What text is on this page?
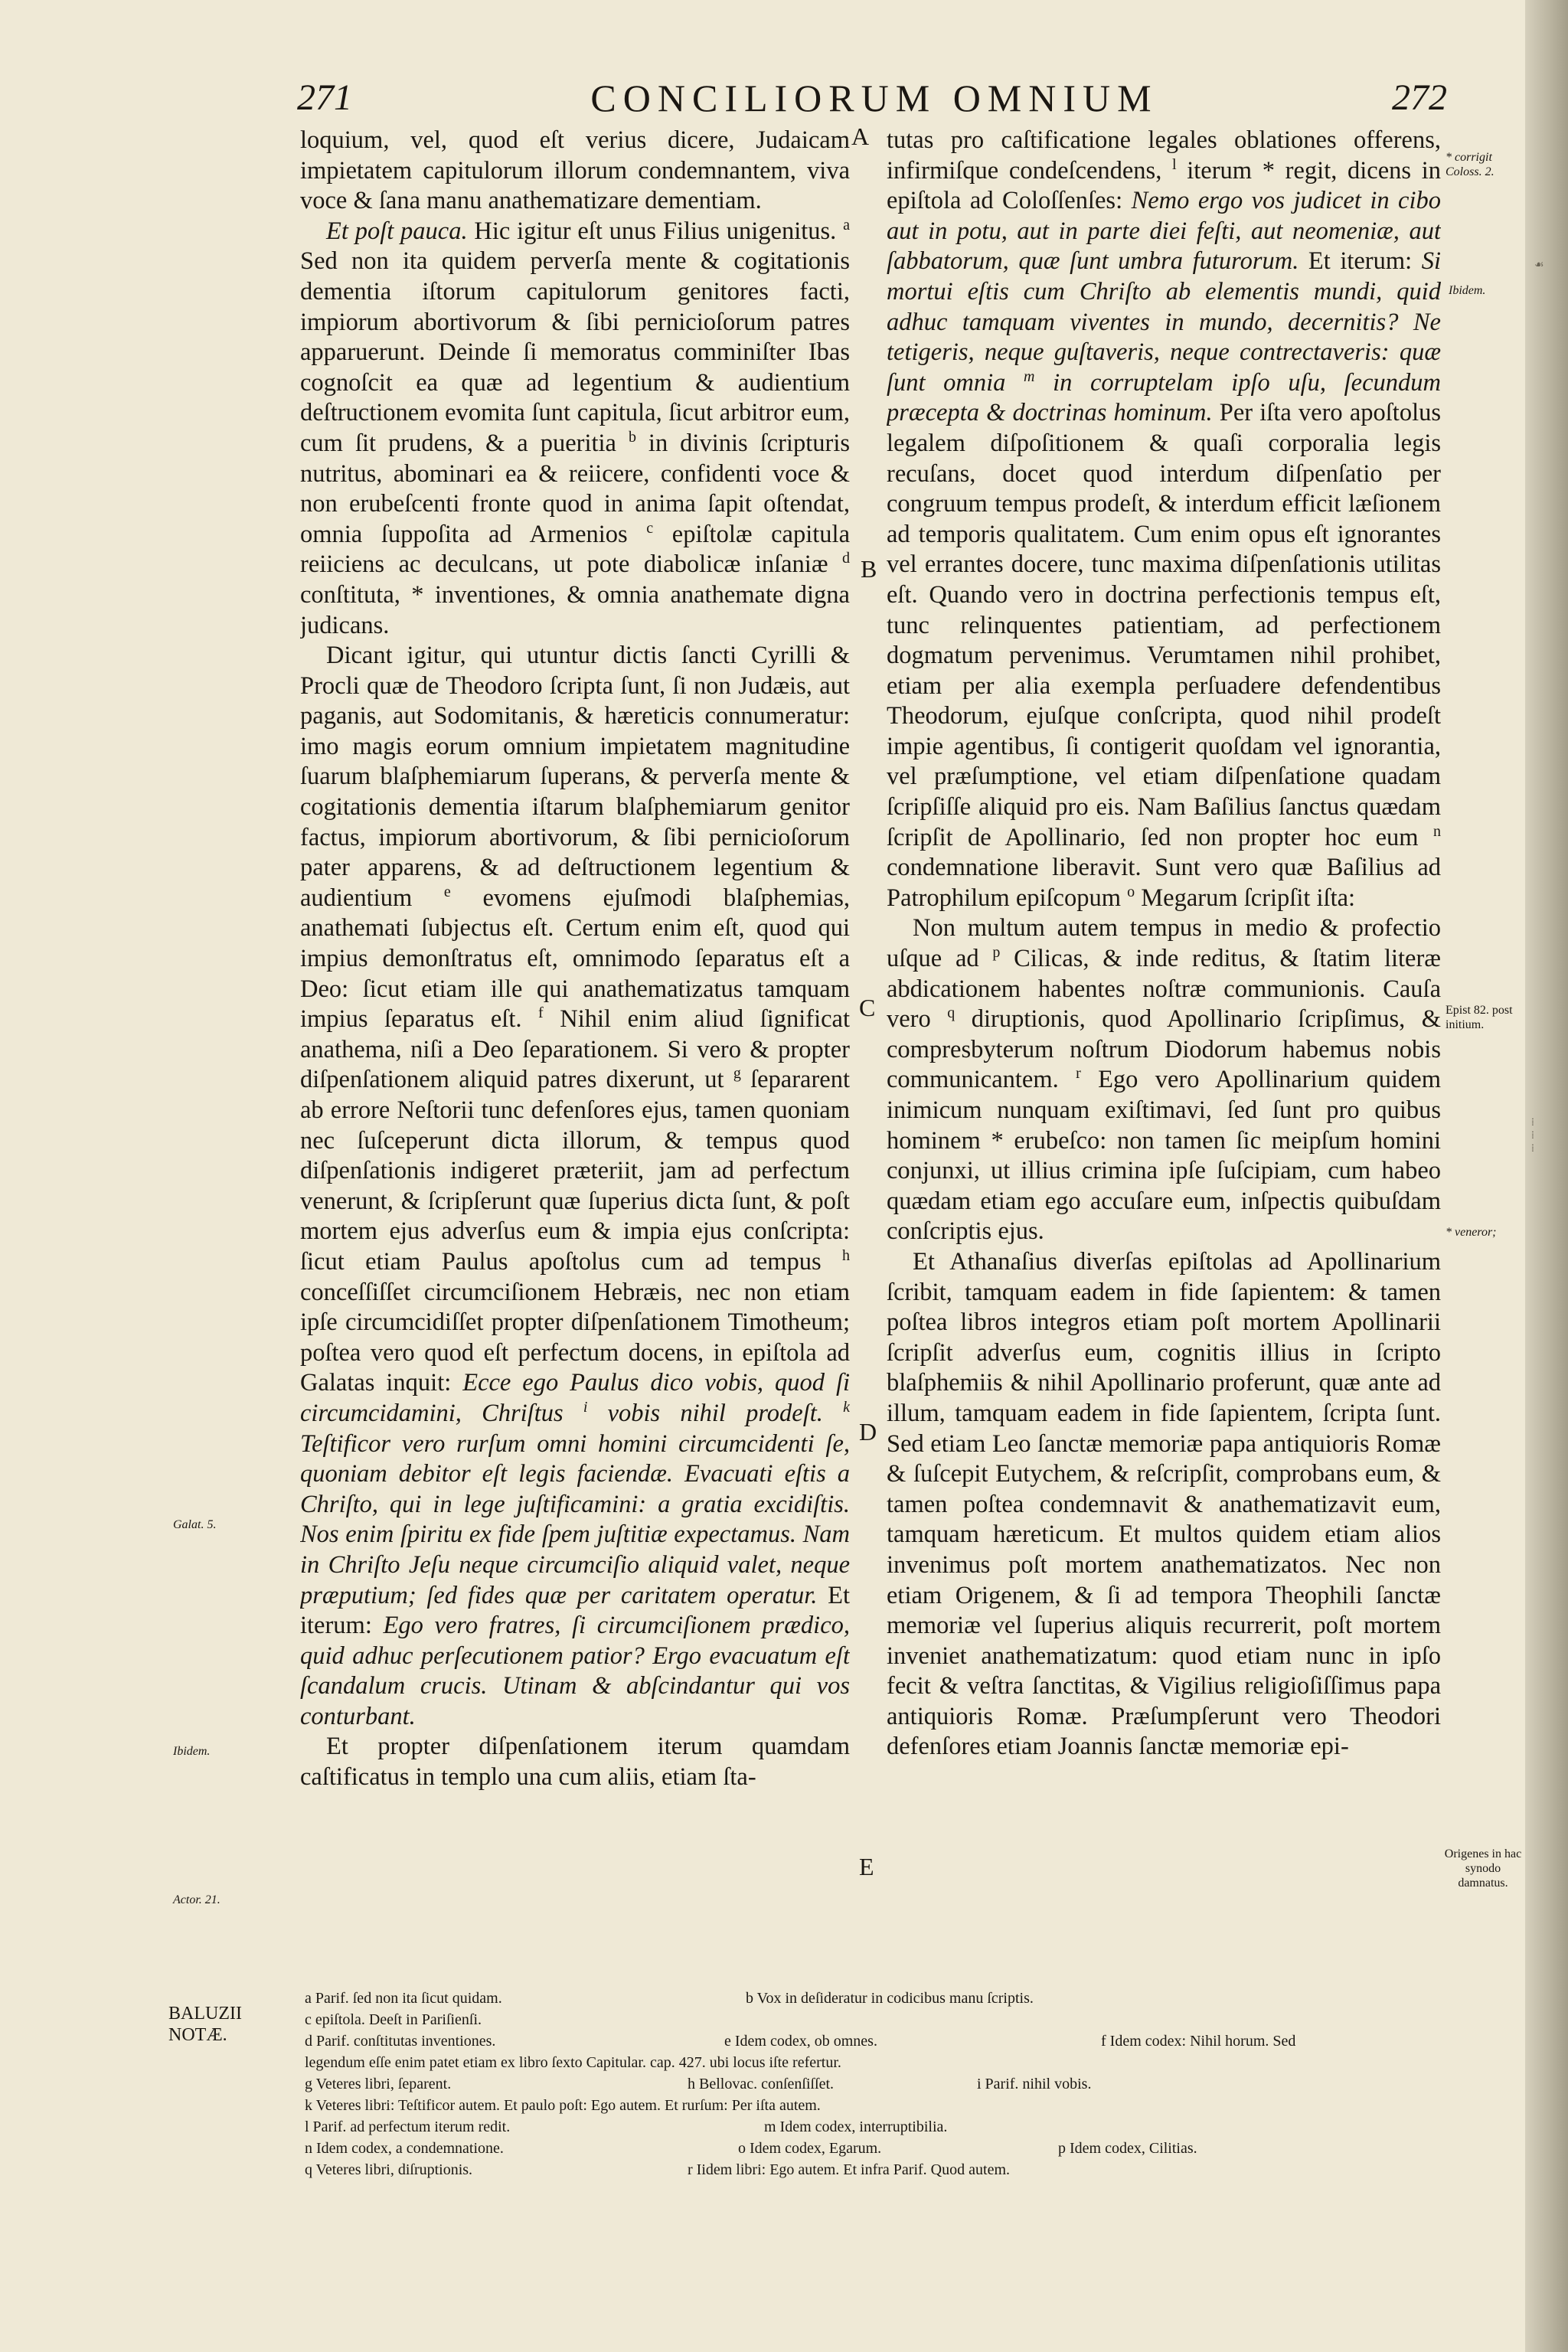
271	CONCILIORUM OMNIUM	272

loquium, vel, quod eſt verius dicere, Judaicam impietatem capitulorum illorum condemnantem, viva voce & ſana manu anathematizare dementiam.

Et poſt pauca. Hic igitur eſt unus Filius unigenitus. $^a$ Sed non ita quidem perverſa mente & cogitationis dementia iſtorum capitulorum genitores facti, impiorum abortivorum & ſibi pernicioſorum patres apparuerunt. Deinde ſi memoratus comminiſter Ibas cognoſcit ea quæ ad legentium & audientium deſtructionem evomita ſunt capitula, ſicut arbitror eum, cum ſit prudens, & a pueritia $^b$ in divinis ſcripturis nutritus, abominari ea & reiicere, confidenti voce & non erubeſcenti fronte quod in anima ſapit oſtendat, omnia ſuppoſita ad Armenios $^c$ epiſtolæ capitula reiiciens ac deculcans, ut pote diabolicæ inſaniæ $^d$ conſtituta, * inventiones, & omnia anathemate digna judicans.

Dicant igitur, qui utuntur dictis ſancti Cyrilli & Procli quæ de Theodoro ſcripta ſunt, ſi non Judæis, aut paganis, aut Sodomitanis, & hæreticis connumeratur: imo magis eorum omnium impietatem magnitudine ſuarum blaſphemiarum ſuperans, & perverſa mente & cogitationis dementia iſtarum blaſphemiarum genitor factus, impiorum abortivorum, & ſibi pernicioſorum pater apparens, & ad deſtructionem legentium & audientium $^e$ evomens ejuſmodi blaſphemias, anathemati ſubjectus eſt. Certum enim eſt, quod qui impius demonſtratus eſt, omnimodo ſeparatus eſt a Deo: ſicut etiam ille qui anathematizatus tamquam impius ſeparatus eſt. $^f$ Nihil enim aliud ſignificat anathema, niſi a Deo ſeparationem. Si vero & propter diſpenſationem aliquid patres dixerunt, ut $^g$ ſepararent ab errore Neſtorii tunc defenſores ejus, tamen quoniam nec ſuſceperunt dicta illorum, & tempus quod diſpenſationis indigeret præteriit, jam ad perfectum venerunt, & ſcripſerunt quæ ſuperius dicta ſunt, & poſt mortem ejus adverſus eum & impia ejus conſcripta: ſicut etiam Paulus apoſtolus cum ad tempus $^h$ conceſſiſſet circumciſionem Hebræis, nec non etiam ipſe circumcidiſſet propter diſpenſationem Timotheum; poſtea vero quod eſt perfectum docens, in epiſtola ad Galatas inquit: Ecce ego Paulus dico vobis, quod ſi circumcidamini, Chriſtus $^i$ vobis nihil prodeſt. $^k$ Teſtificor vero rurſum omni homini circumcidenti ſe, quoniam debitor eſt legis faciendæ. Evacuati eſtis a Chriſto, qui in lege juſtificamini: a gratia excidiſtis. Nos enim ſpiritu ex fide ſpem juſtitiæ expectamus. Nam in Chriſto Jeſu neque circumciſio aliquid valet, neque præputium; ſed fides quæ per caritatem operatur. Et iterum: Ego vero fratres, ſi circumciſionem prædico, quid adhuc perſecutionem patior? Ergo evacuatum eſt ſcandalum crucis. Utinam & abſcindantur qui vos conturbant.

Et propter diſpenſationem iterum quamdam caſtificatus in templo una cum aliis, etiam ſta-

A
B
C
D
E

tutas pro caſtificatione legales oblationes offerens, infirmiſque condeſcendens, $^l$ iterum * regit, dicens in epiſtola ad Coloſſenſes: Nemo ergo vos judicet in cibo aut in potu, aut in parte diei feſti, aut neomeniæ, aut ſabbatorum, quæ ſunt umbra futurorum. Et iterum: Si mortui eſtis cum Chriſto ab elementis mundi, quid adhuc tamquam viventes in mundo, decernitis? Ne tetigeris, neque guſtaveris, neque contrectaveris: quæ ſunt omnia $^m$ in corruptelam ipſo uſu, ſecundum præcepta & doctrinas hominum. Per iſta vero apoſtolus legalem diſpoſitionem & quaſi corporalia legis recuſans, docet quod interdum diſpenſatio per congruum tempus prodeſt, & interdum efficit læſionem ad temporis qualitatem. Cum enim opus eſt ignorantes vel errantes docere, tunc maxima diſpenſationis utilitas eſt. Quando vero in doctrina perfectionis tempus eſt, tunc relinquentes patientiam, ad perfectionem dogmatum pervenimus. Verumtamen nihil prohibet, etiam per alia exempla perſuadere defendentibus Theodorum, ejuſque conſcripta, quod nihil prodeſt impie agentibus, ſi contigerit quoſdam vel ignorantia, vel præſumptione, vel etiam diſpenſatione quadam ſcripſiſſe aliquid pro eis. Nam Baſilius ſanctus quædam ſcripſit de Apollinario, ſed non propter hoc eum $^n$ condemnatione liberavit. Sunt vero quæ Baſilius ad Patrophilum epiſcopum $^o$ Megarum ſcripſit iſta:

Non multum autem tempus in medio & profectio uſque ad $^p$ Cilicas, & inde reditus, & ſtatim literæ abdicationem habentes noſtræ communionis. Cauſa vero $^q$ diruptionis, quod Apollinario ſcripſimus, & compresbyterum noſtrum Diodorum habemus nobis communicantem. $^r$ Ego vero Apollinarium quidem inimicum nunquam exiſtimavi, ſed ſunt pro quibus hominem * erubeſco: non tamen ſic meipſum homini conjunxi, ut illius crimina ipſe ſuſcipiam, cum habeo quædam etiam ego accuſare eum, inſpectis quibuſdam conſcriptis ejus.

Et Athanaſius diverſas epiſtolas ad Apollinarium ſcribit, tamquam eadem in fide ſapientem: & tamen poſtea libros integros etiam poſt mortem Apollinarii ſcripſit adverſus eum, cognitis illius in ſcripto blaſphemiis & nihil Apollinario proferunt, quæ ante ad illum, tamquam eadem in fide ſapientem, ſcripta ſunt. Sed etiam Leo ſanctæ memoriæ papa antiquioris Romæ & ſuſcepit Eutychem, & reſcripſit, comprobans eum, & tamen poſtea condemnavit & anathematizavit eum, tamquam hæreticum. Et multos quidem etiam alios invenimus poſt mortem anathematizatos. Nec non etiam Origenem, & ſi ad tempora Theophili ſanctæ memoriæ vel ſuperius aliquis recurrerit, poſt mortem inveniet anathematizatum: quod etiam nunc in ipſo fecit & veſtra ſanctitas, & Vigilius religioſiſſimus papa antiquioris Romæ. Præſumpſerunt vero Theodori defenſores etiam Joannis ſanctæ memoriæ epi-

Galat. 5.
Ibidem.
Actor. 21.
* corrigit Coloss. 2.
Ibidem.
Epist 82. post initium.
* veneror;
Origenes in hac synodo damnatus.
☙
⁞
⁞
⁞
BALUZII NOTÆ.
a Parif. ſed non ita ſicut quidam.	b Vox in deſideratur in codicibus manu ſcriptis.
c epiſtola. Deeſt in Pariſienſi.
d Parif. conſtitutas inventiones.	e Idem codex, ob omnes.	f Idem codex: Nihil horum. Sed
legendum eſſe enim patet etiam ex libro ſexto Capitular. cap. 427. ubi locus iſte refertur.
g Veteres libri, ſeparent.	h Bellovac. conſenſiſſet.	i Parif. nihil vobis.
k Veteres libri: Teſtificor autem. Et paulo poſt: Ego autem. Et rurſum: Per iſta autem.
l Parif. ad perfectum iterum redit.	m Idem codex, interruptibilia.
n Idem codex, a condemnatione.	o Idem codex, Egarum.	p Idem codex, Cilitias.
q Veteres libri, diſruptionis.	r Iidem libri: Ego autem. Et infra Parif. Quod autem.
